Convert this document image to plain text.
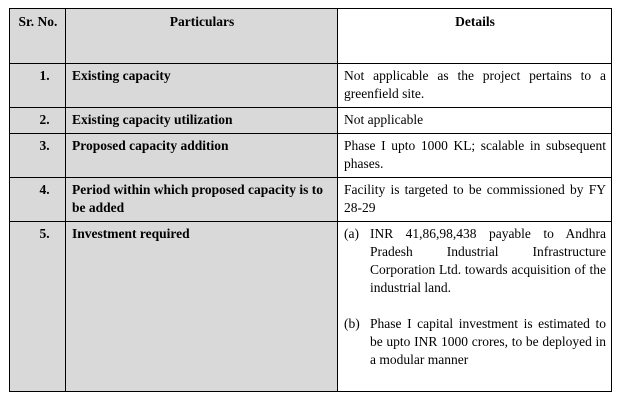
Sr. No.	Particulars	Details
1.	Existing capacity	Not applicable as the project pertains to a greenfield site.
2.	Existing capacity utilization	Not applicable
3.	Proposed capacity addition	Phase I upto 1000 KL; scalable in subsequent phases.
4.	Period within which proposed capacity is to be added	Facility is targeted to be commissioned by FY 28-29
5.	Investment required	(a) INR 41,86,98,438 payable to Andhra Pradesh Industrial Infrastructure Corporation Ltd. towards acquisition of the industrial land.
(b) Phase I capital investment is estimated to be upto INR 1000 crores, to be deployed in a modular manner
